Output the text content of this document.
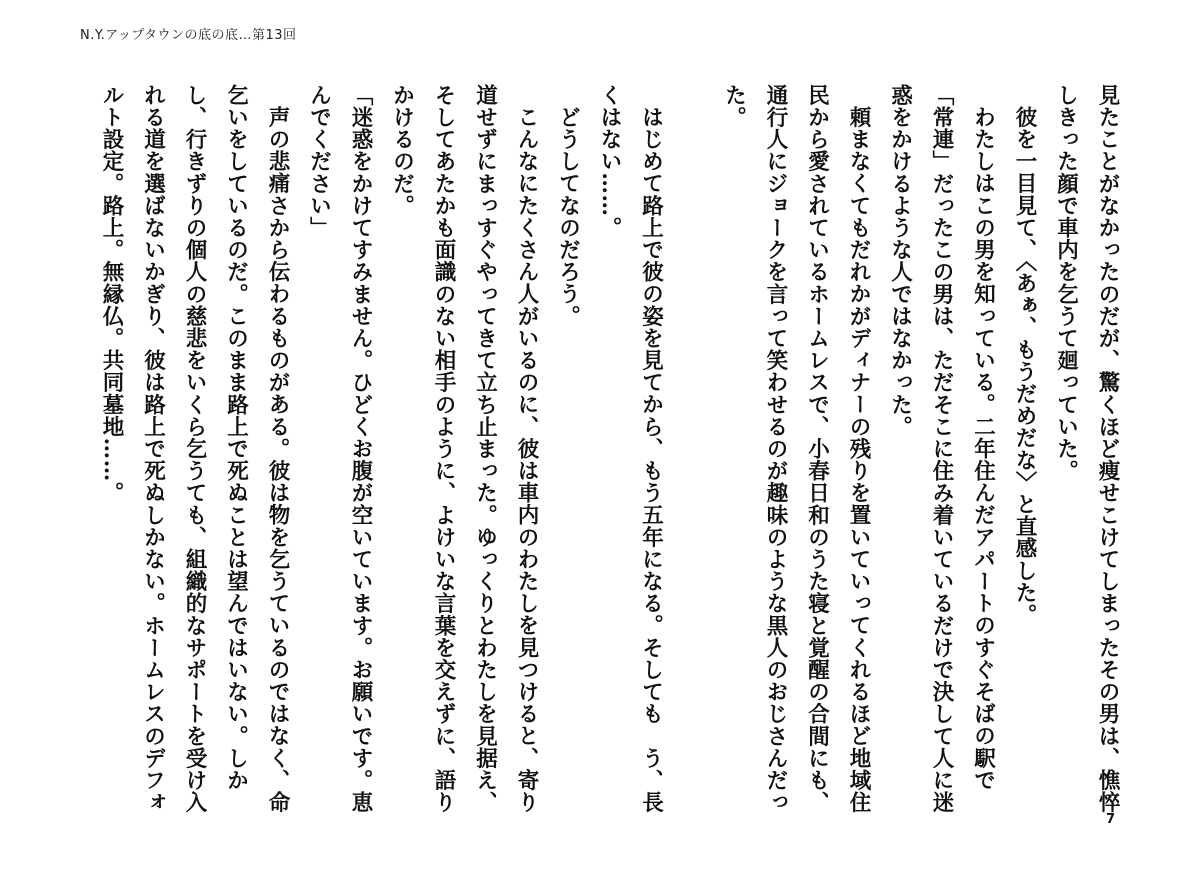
N.Y.アップタウンの底の底…第13回

見たことがなかったのだが、驚くほど痩せこけてしまったその男は、憔悴しきった顔で車内を乞うて廻っていた。

彼を一目見て、〈あぁ、もうだめだな〉と直感した。

わたしはこの男を知っている。二年住んだアパートのすぐそばの駅で「常連」だったこの男は、ただそこに住み着いているだけで決して人に迷惑をかけるような人ではなかった。

頼まなくてもだれかがディナーの残りを置いていってくれるほど地域住民から愛されているホームレスで、小春日和のうた寝と覚醒の合間にも、通行人にジョークを言って笑わせるのが趣味のような黒人のおじさんだった。

はじめて路上で彼の姿を見てから、もう五年になる。そしても　う、長くはない……。

どうしてなのだろう。

こんなにたくさん人がいるのに、彼は車内のわたしを見つけると、寄り道せずにまっすぐやってきて立ち止まった。ゆっくりとわたしを見据え、そしてあたかも面識のない相手のように、よけいな言葉を交えずに、語りかけるのだ。

「迷惑をかけてすみません。ひどくお腹が空いています。お願いです。恵んでください」

声の悲痛さから伝わるものがある。彼は物を乞うているのではなく、命乞いをしているのだ。このまま路上で死ぬことは望んではいない。しかし、行きずりの個人の慈悲をいくら乞うても、組織的なサポートを受け入れる道を選ばないかぎり、彼は路上で死ぬしかない。ホームレスのデフォルト設定。路上。無縁仏。共同墓地……。

7
